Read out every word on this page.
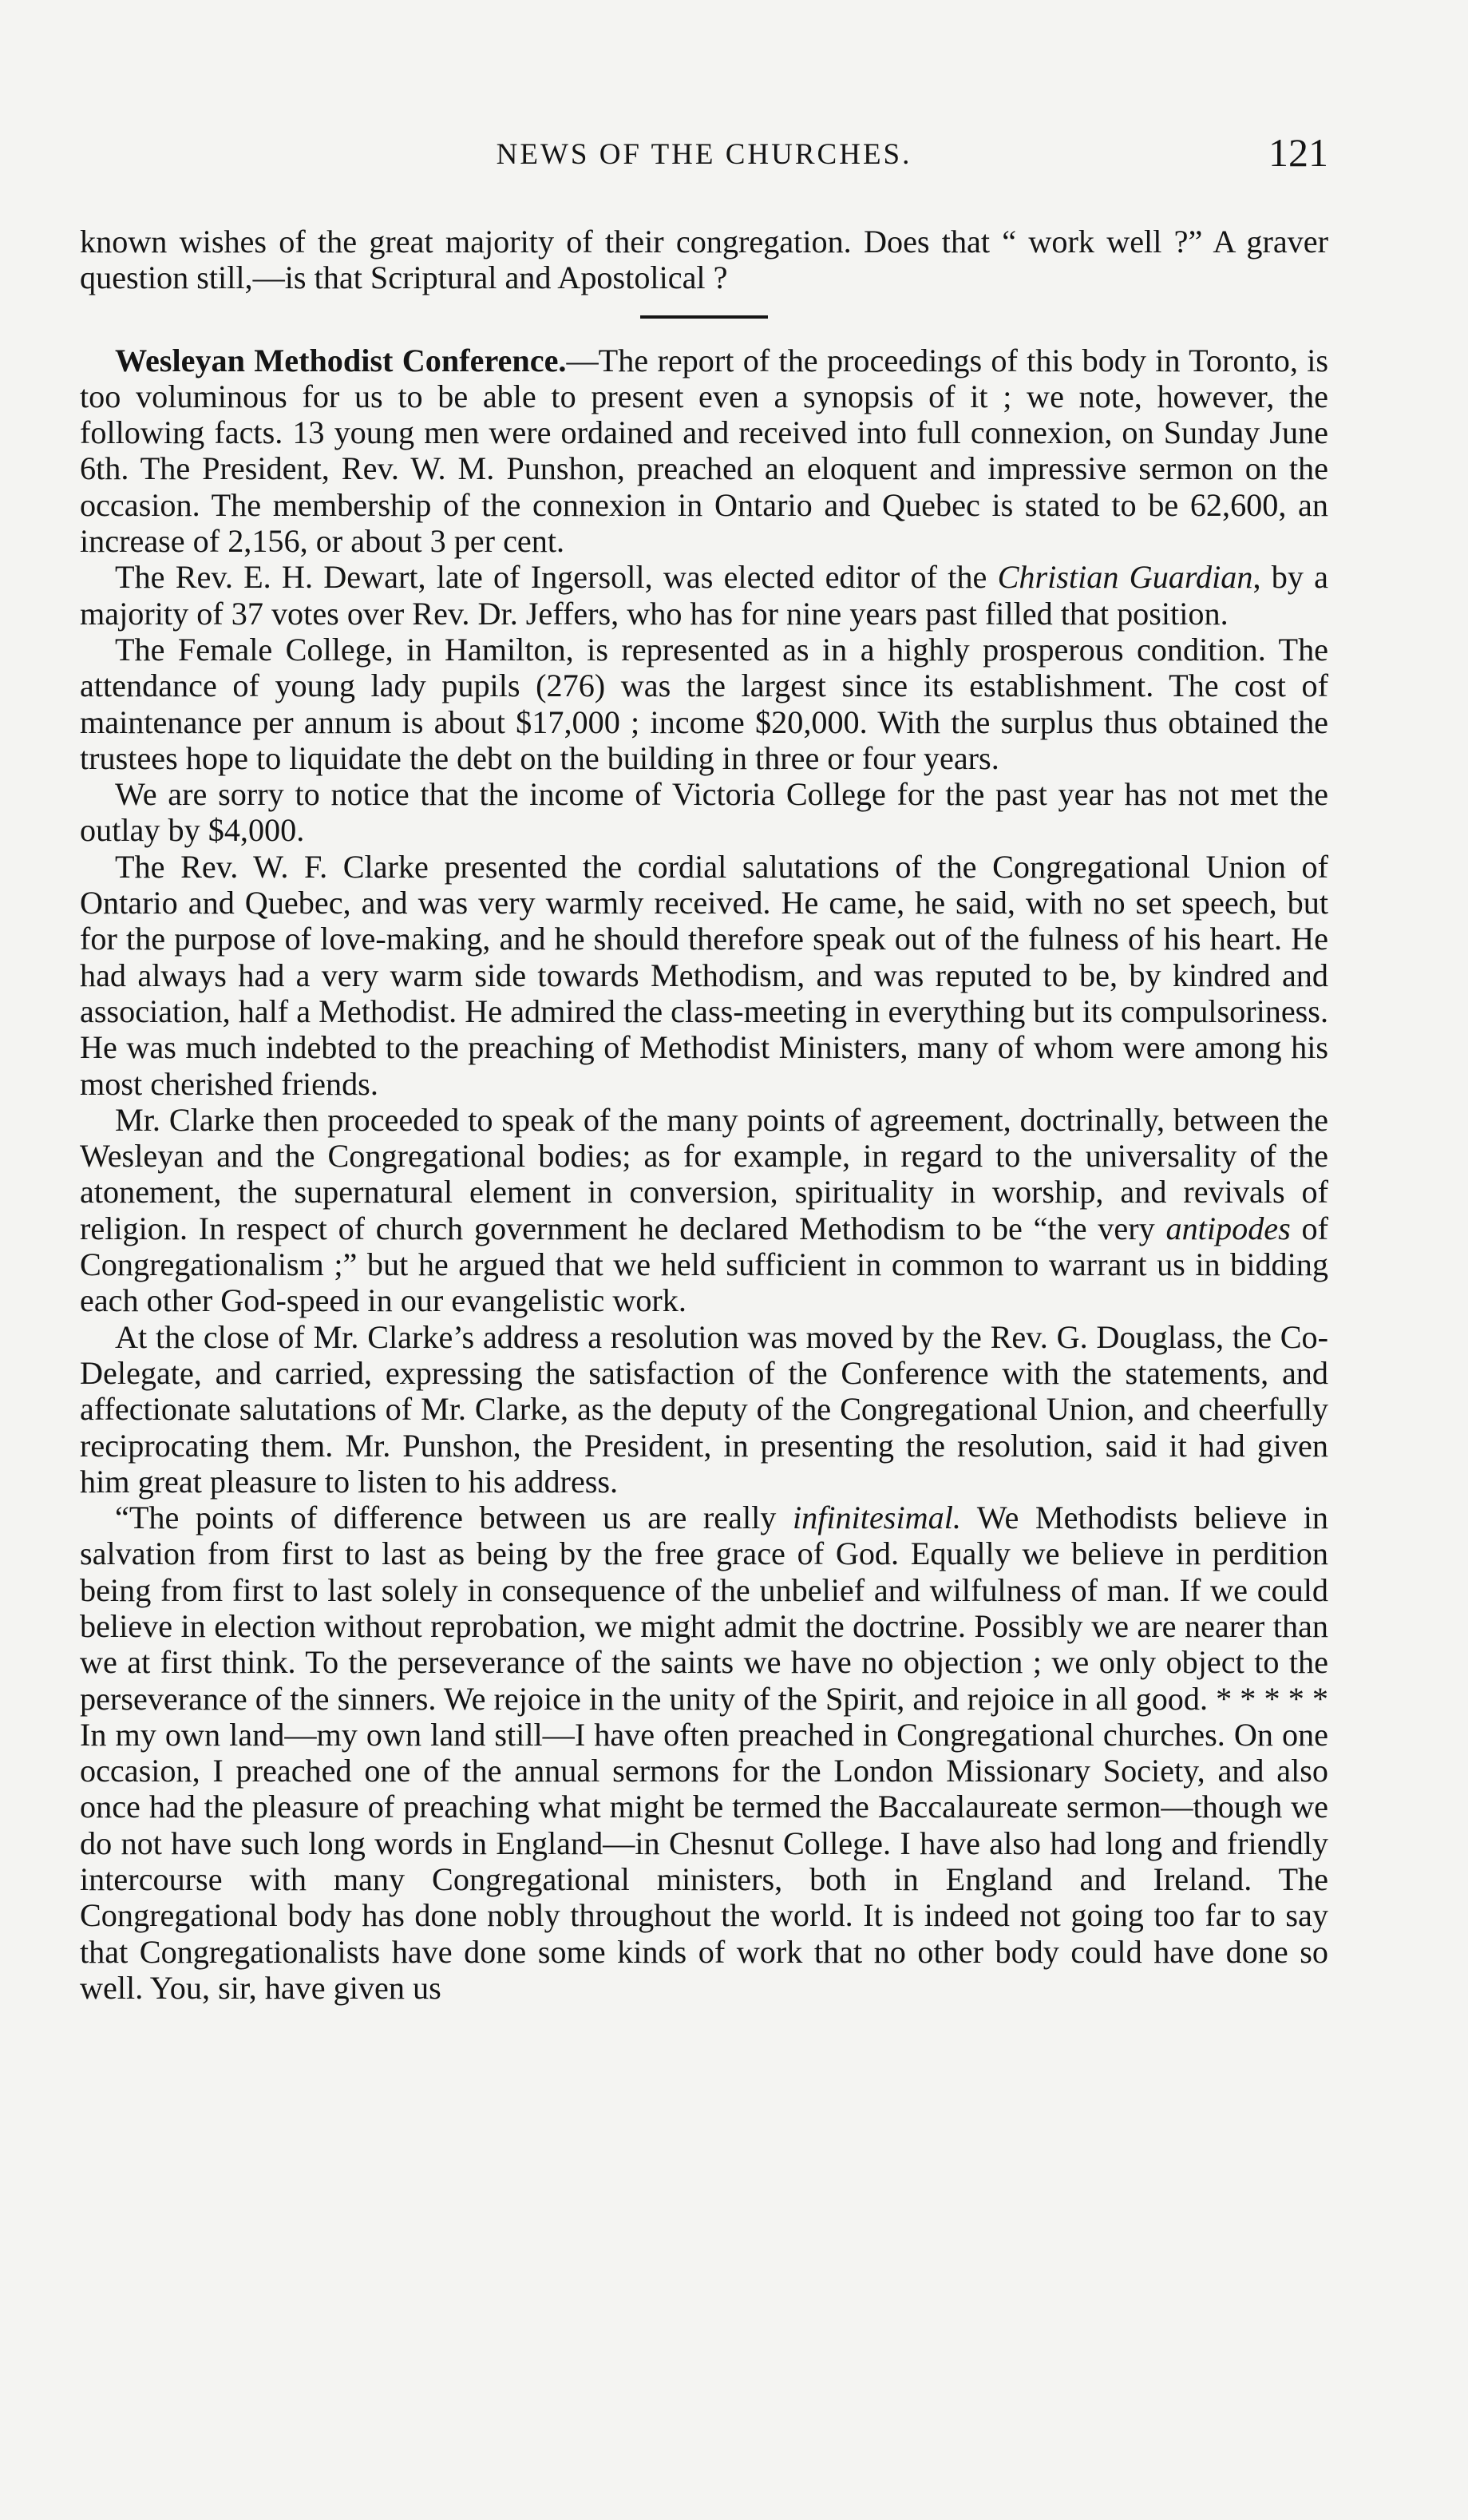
NEWS OF THE CHURCHES.	121

known wishes of the great majority of their congregation. Does that “ work well ?” A graver question still,—is that Scriptural and Apostolical ?

Wesleyan Methodist Conference.—The report of the proceedings of this body in Toronto, is too voluminous for us to be able to present even a synopsis of it ; we note, however, the following facts. 13 young men were ordained and received into full connexion, on Sunday June 6th. The President, Rev. W. M. Punshon, preached an eloquent and impressive sermon on the occasion. The membership of the connexion in Ontario and Quebec is stated to be 62,600, an increase of 2,156, or about 3 per cent.

The Rev. E. H. Dewart, late of Ingersoll, was elected editor of the Christian Guardian, by a majority of 37 votes over Rev. Dr. Jeffers, who has for nine years past filled that position.

The Female College, in Hamilton, is represented as in a highly prosperous condition. The attendance of young lady pupils (276) was the largest since its establishment. The cost of maintenance per annum is about $17,000 ; income $20,000. With the surplus thus obtained the trustees hope to liquidate the debt on the building in three or four years.

We are sorry to notice that the income of Victoria College for the past year has not met the outlay by $4,000.

The Rev. W. F. Clarke presented the cordial salutations of the Congregational Union of Ontario and Quebec, and was very warmly received. He came, he said, with no set speech, but for the purpose of love-making, and he should therefore speak out of the fulness of his heart. He had always had a very warm side towards Methodism, and was reputed to be, by kindred and association, half a Methodist. He admired the class-meeting in everything but its compulsoriness. He was much indebted to the preaching of Methodist Ministers, many of whom were among his most cherished friends.

Mr. Clarke then proceeded to speak of the many points of agreement, doctrinally, between the Wesleyan and the Congregational bodies; as for example, in regard to the universality of the atonement, the supernatural element in conversion, spirituality in worship, and revivals of religion. In respect of church government he declared Methodism to be “the very antipodes of Congregationalism ;” but he argued that we held sufficient in common to warrant us in bidding each other God-speed in our evangelistic work.

At the close of Mr. Clarke’s address a resolution was moved by the Rev. G. Douglass, the Co-Delegate, and carried, expressing the satisfaction of the Conference with the statements, and affectionate salutations of Mr. Clarke, as the deputy of the Congregational Union, and cheerfully reciprocating them. Mr. Punshon, the President, in presenting the resolution, said it had given him great pleasure to listen to his address.

“The points of difference between us are really infinitesimal. We Methodists believe in salvation from first to last as being by the free grace of God. Equally we believe in perdition being from first to last solely in consequence of the unbelief and wilfulness of man. If we could believe in election without reprobation, we might admit the doctrine. Possibly we are nearer than we at first think. To the perseverance of the saints we have no objection ; we only object to the perseverance of the sinners. We rejoice in the unity of the Spirit, and rejoice in all good. * * * * * In my own land—my own land still—I have often preached in Congregational churches. On one occasion, I preached one of the annual sermons for the London Missionary Society, and also once had the pleasure of preaching what might be termed the Baccalaureate sermon—though we do not have such long words in England—in Chesnut College. I have also had long and friendly intercourse with many Congregational ministers, both in England and Ireland. The Congregational body has done nobly throughout the world. It is indeed not going too far to say that Congregationalists have done some kinds of work that no other body could have done so well. You, sir, have given us
